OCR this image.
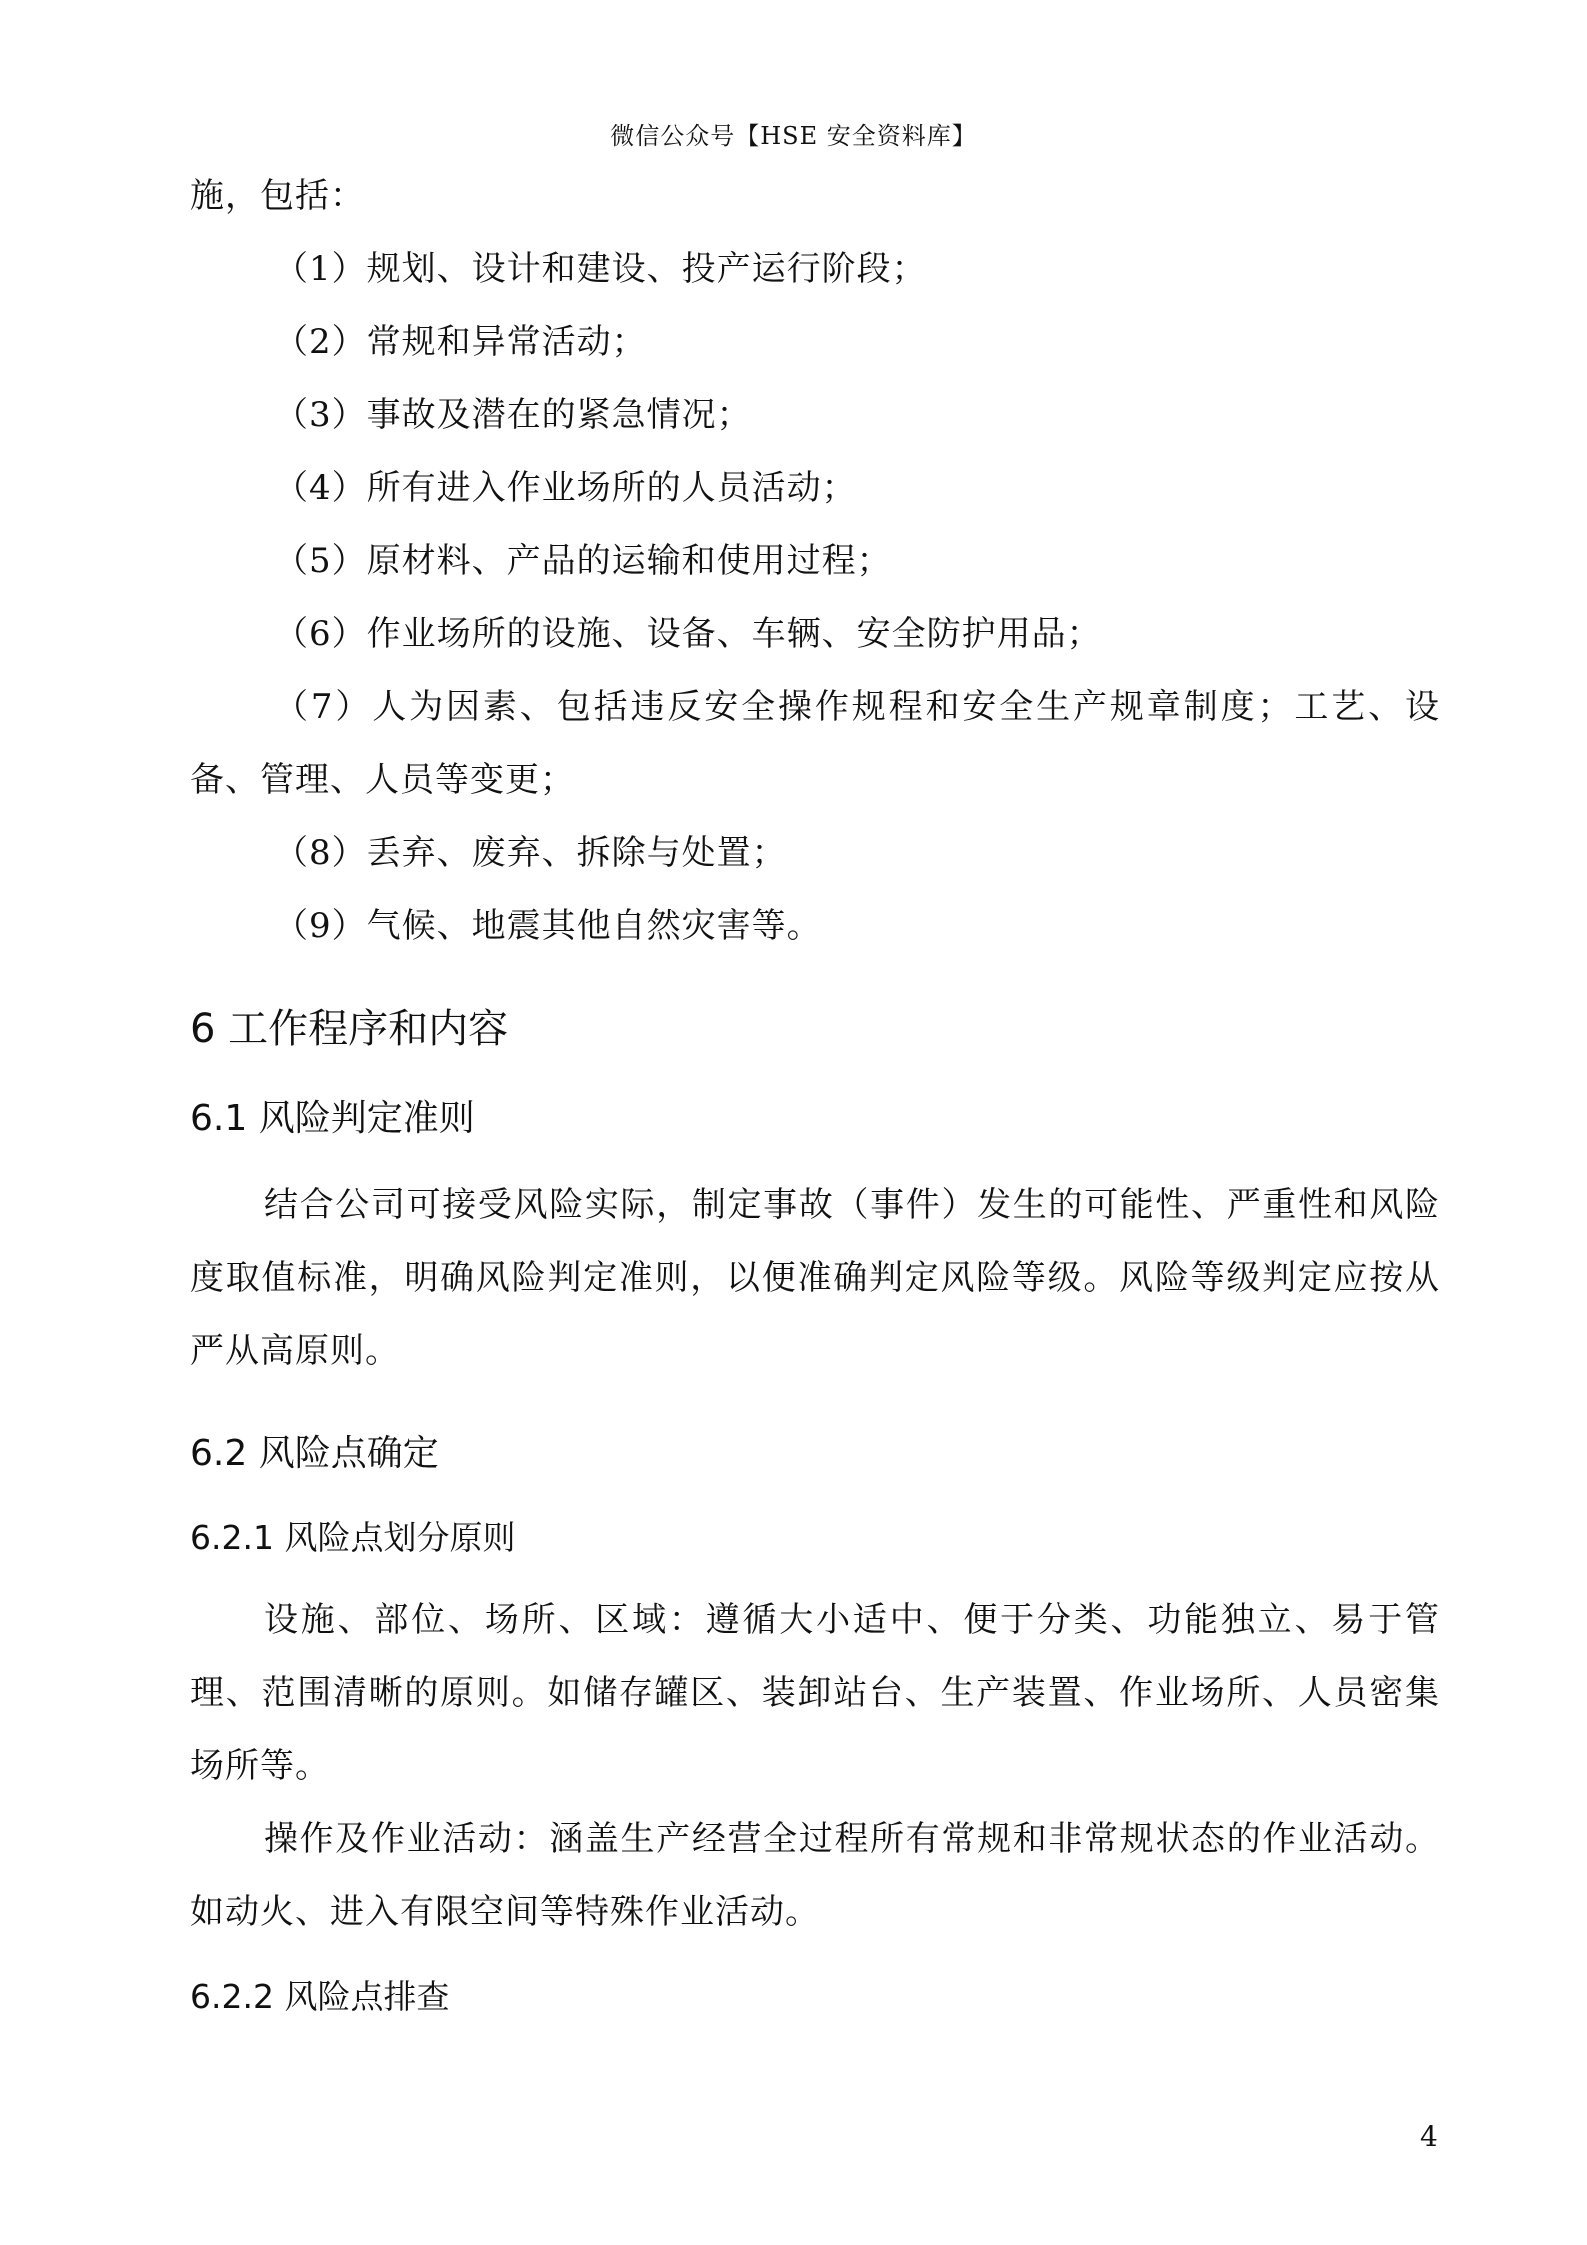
微信公众号【HSE 安全资料库】

施，包括：

（1）规划、设计和建设、投产运行阶段；

（2）常规和异常活动；

（3）事故及潜在的紧急情况；

（4）所有进入作业场所的人员活动；

（5）原材料、产品的运输和使用过程；

（6）作业场所的设施、设备、车辆、安全防护用品；

（7）人为因素、包括违反安全操作规程和安全生产规章制度；工艺、设备、管理、人员等变更；

（8）丢弃、废弃、拆除与处置；

（9）气候、地震其他自然灾害等。

6 工作程序和内容
6.1 风险判定准则

结合公司可接受风险实际，制定事故（事件）发生的可能性、严重性和风险度取值标准，明确风险判定准则，以便准确判定风险等级。风险等级判定应按从严从高原则。

6.2 风险点确定
6.2.1 风险点划分原则

设施、部位、场所、区域：遵循大小适中、便于分类、功能独立、易于管理、范围清晰的原则。如储存罐区、装卸站台、生产装置、作业场所、人员密集场所等。

操作及作业活动：涵盖生产经营全过程所有常规和非常规状态的作业活动。如动火、进入有限空间等特殊作业活动。

6.2.2 风险点排查
4
